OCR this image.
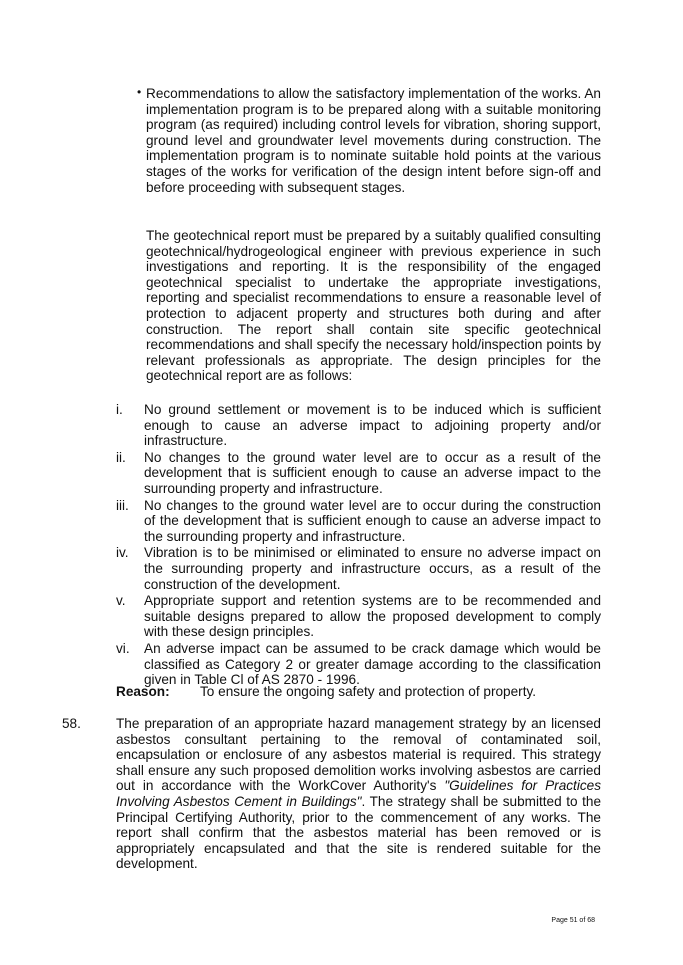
• Recommendations to allow the satisfactory implementation of the works. An implementation program is to be prepared along with a suitable monitoring program (as required) including control levels for vibration, shoring support, ground level and groundwater level movements during construction. The implementation program is to nominate suitable hold points at the various stages of the works for verification of the design intent before sign-off and before proceeding with subsequent stages.
The geotechnical report must be prepared by a suitably qualified consulting geotechnical/hydrogeological engineer with previous experience in such investigations and reporting. It is the responsibility of the engaged geotechnical specialist to undertake the appropriate investigations, reporting and specialist recommendations to ensure a reasonable level of protection to adjacent property and structures both during and after construction. The report shall contain site specific geotechnical recommendations and shall specify the necessary hold/inspection points by relevant professionals as appropriate. The design principles for the geotechnical report are as follows:
i.	No ground settlement or movement is to be induced which is sufficient enough to cause an adverse impact to adjoining property and/or infrastructure.
ii.	No changes to the ground water level are to occur as a result of the development that is sufficient enough to cause an adverse impact to the surrounding property and infrastructure.
iii.	No changes to the ground water level are to occur during the construction of the development that is sufficient enough to cause an adverse impact to the surrounding property and infrastructure.
iv.	Vibration is to be minimised or eliminated to ensure no adverse impact on the surrounding property and infrastructure occurs, as a result of the construction of the development.
v.	Appropriate support and retention systems are to be recommended and suitable designs prepared to allow the proposed development to comply with these design principles.
vi.	An adverse impact can be assumed to be crack damage which would be classified as Category 2 or greater damage according to the classification given in Table Cl of AS 2870 - 1996.
Reason: To ensure the ongoing safety and protection of property.
58.	The preparation of an appropriate hazard management strategy by an licensed asbestos consultant pertaining to the removal of contaminated soil, encapsulation or enclosure of any asbestos material is required. This strategy shall ensure any such proposed demolition works involving asbestos are carried out in accordance with the WorkCover Authority's "Guidelines for Practices Involving Asbestos Cement in Buildings". The strategy shall be submitted to the Principal Certifying Authority, prior to the commencement of any works. The report shall confirm that the asbestos material has been removed or is appropriately encapsulated and that the site is rendered suitable for the development.
Page 51 of 68
